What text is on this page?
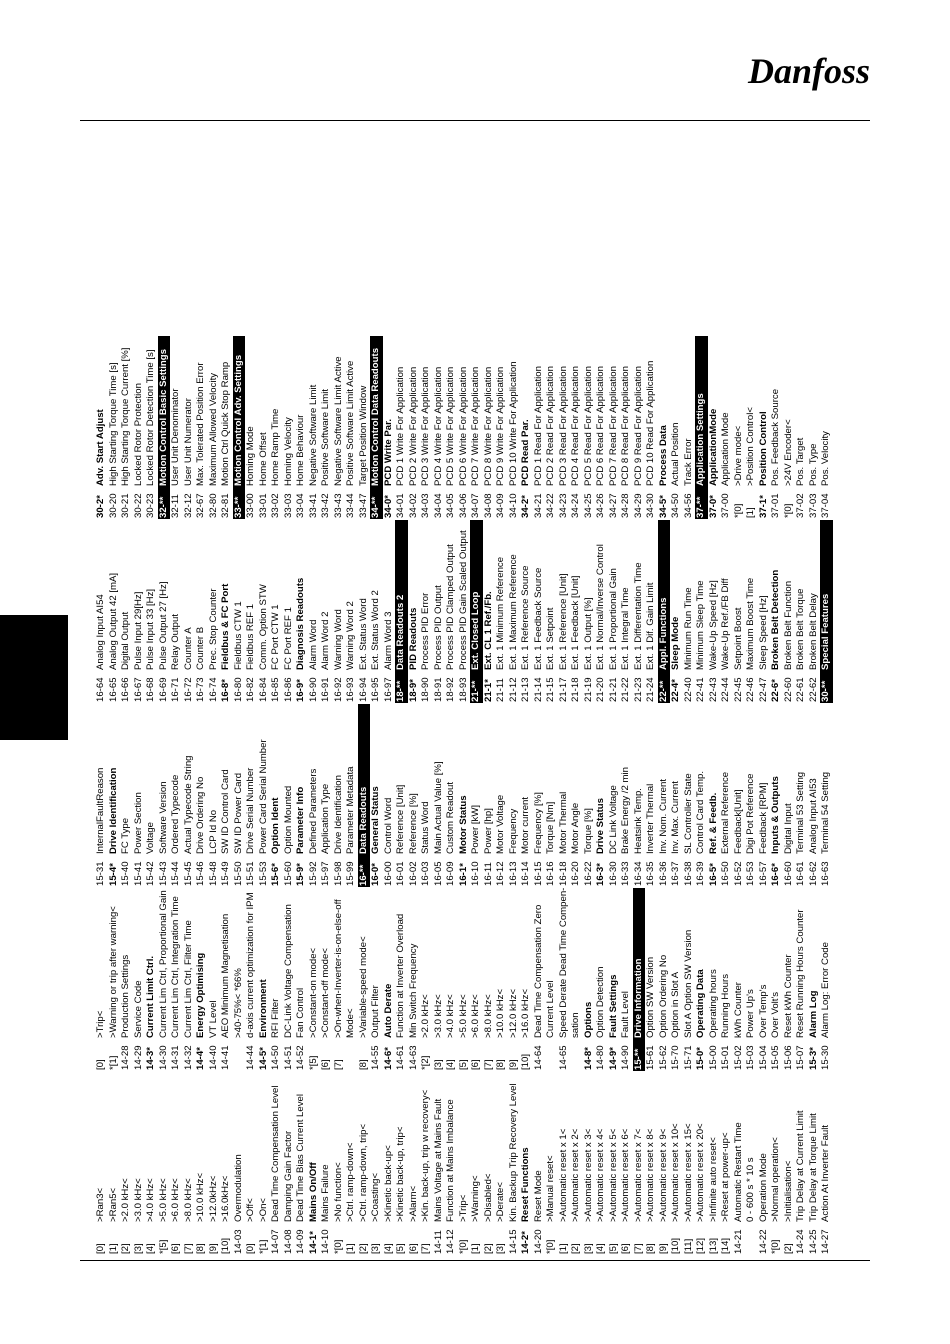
Danfoss
[0]
>Ran3<
[1]
>Ran5<
[2]
>2.0 kHz<
[3]
>3.0 kHz<
[4]
>4.0 kHz<
*[5]
>5.0 kHz<
[6]
>6.0 kHz<
[7]
>8.0 kHz<
[8]
>10.0 kHz<
[9]
>12.0kHz<
[10]
>16.0kHz<
14-03
Overmodulation
[0]
>Off<
*[1]
>On<
14-07
Dead Time Compensation Level
14-08
Damping Gain Factor
14-09
Dead Time Bias Current Level
14-1*
Mains On/Off
14-10
Mains Failure
*[0]
>No function<
[1]
>Ctrl. ramp-down<
[2]
>Ctrl. ramp-down, trip<
[3]
>Coasting<
[4]
>Kinetic back-up<
[5]
>Kinetic back-up, trip<
[6]
>Alarm<
[7]
>Kin. back-up, trip w recovery<
14-11
Mains Voltage at Mains Fault
14-12
Function at Mains Imbalance
*[0]
>Trip<
[1]
>Warning<
[2]
>Disabled<
[3]
>Derate<
14-15
Kin. Backup Trip Recovery Level
14-2*
Reset Functions
14-20
Reset Mode
*[0]
>Manual reset<
[1]
>Automatic reset x 1<
[2]
>Automatic reset x 2<
[3]
>Automatic reset x 3<
[4]
>Automatic reset x 4<
[5]
>Automatic reset x 5<
[6]
>Automatic reset x 6<
[7]
>Automatic reset x 7<
[8]
>Automatic reset x 8<
[9]
>Automatic reset x 9<
[10]
>Automatic reset x 10<
[11]
>Automatic reset x 15<
[12]
>Automatic reset x 20<
[13]
>Infinite auto reset<
[14]
>Reset at power-up<
14-21
Automatic Restart Time 0 - 600 s * 10 s
14-22
Operation Mode
*[0]
>Normal operation<
[2]
>Initialisation<
14-24
Trip Delay at Current Limit
14-25
Trip Delay at Torque Limit
14-27
Action At Inverter Fault
[0]
>Trip<
*[1]
>Warning or trip after warning<
14-28
Production Settings
14-29
Service Code
14-3*
Current Limit Ctrl.
14-30
Current Lim Ctrl, Proportional Gain
14-31
Current Lim Ctrl, Integration Time
14-32
Current Lim Ctrl, Filter Time
14-4*
Energy Optimising
14-40
VT Level
14-41
AEO Minimum Magnetisation >40-75%< *66%
14-44
d-axis current optimization for IPM
14-5*
Environment
14-50
RFI Filter
14-51
DC-Link Voltage Compensation
14-52
Fan Control
*[5]
>Constant-on mode<
[6]
>Constant-off mode<
[7]
>On-when-Inverter-is-on-else-off Mode<
[8]
>Variable-speed mode<
14-55
Output Filter
14-6*
Auto Derate
14-61
Function at Inverter Overload
14-63
Min Switch Frequency
*[2]
>2.0 kHz<
[3]
>3.0 kHz<
[4]
>4.0 kHz<
[5]
>5.0 kHz<
[6]
>6.0 kHz<
[7]
>8.0 kHz<
[8]
>10.0 kHz<
[9]
>12.0 kHz<
[10]
>16.0 kHz<
14-64
Dead Time Compensation Zero Current Level
14-65
Speed Derate Dead Time Compen- sation
14-8*
Options
14-80
Option Detection
14-9*
Fault Settings
14-90
Fault Level
15-**
Drive Information
15-61
Option SW Version
15-62
Option Ordering No
15-70
Option in Slot A
15-71
Slot A Option SW Version
15-0*
Operating Data
15-00
Operating hours
15-01
Running Hours
15-02
kWh Counter
15-03
Power Up's
15-04
Over Temp's
15-05
Over Volt's
15-06
Reset kWh Counter
15-07
Reset Running Hours Counter
15-3*
Alarm Log
15-30
Alarm Log: Error Code
15-31
InternalFaultReason
15-4*
Drive Identification
15-40
FC Type
15-41
Power Section
15-42
Voltage
15-43
Software Version
15-44
Ordered Typecode
15-45
Actual Typecode String
15-46
Drive Ordering No
15-48
LCP Id No
15-49
SW ID Control Card
15-50
SW ID Power Card
15-51
Drive Serial Number
15-53
Power Card Serial Number
15-6*
Option Ident
15-60
Option Mounted
15-9*
Parameter Info
15-92
Defined Parameters
15-97
Application Type
15-98
Drive Identification
15-99
Parameter Metadata
16-**
Data Readouts
16-0*
General Status
16-00
Control Word
16-01
Reference [Unit]
16-02
Reference [%]
16-03
Status Word
16-05
Main Actual Value [%]
16-09
Custom Readout
16-1*
Motor Status
16-10
Power [kW]
16-11
Power [hp]
16-12
Motor Voltage
16-13
Frequency
16-14
Motor current
16-15
Frequency [%]
16-16
Torque [Nm]
16-18
Motor Thermal
16-20
Motor Angle
16-22
Torque [%]
16-3*
Drive Status
16-30
DC Link Voltage
16-33
Brake Energy /2 min
16-34
Heatsink Temp.
16-35
Inverter Thermal
16-36
Inv. Nom. Current
16-37
Inv. Max. Current
16-38
SL Controller State
16-39
Control Card Temp.
16-5*
Ref. & Feedb.
16-50
External Reference
16-52
Feedback[Unit]
16-53
Digi Pot Reference
16-57
Feedback [RPM]
16-6*
Inputs & Outputs
16-60
Digital Input
16-61
Terminal 53 Setting
16-62
Analog Input AI53
16-63
Terminal 54 Setting
16-64
Analog Input AI54
16-65
Analog Output 42 [mA]
16-66
Digital Output
16-67
Pulse Input 29[Hz]
16-68
Pulse Input 33 [Hz]
16-69
Pulse Output 27 [Hz]
16-71
Relay Output
16-72
Counter A
16-73
Counter B
16-74
Prec. Stop Counter
16-8*
Fieldbus & FC Port
16-80
Fieldbus CTW 1
16-82
Fieldbus REF 1
16-84
Comm. Option STW
16-85
FC Port CTW 1
16-86
FC Port REF 1
16-9*
Diagnosis Readouts
16-90
Alarm Word
16-91
Alarm Word 2
16-92
Warning Word
16-93
Warning Word 2
16-94
Ext. Status Word
16-95
Ext. Status Word 2
16-97
Alarm Word 3
18-**
Data Readouts 2
18-9*
PID Readouts
18-90
Process PID Error
18-91
Process PID Output
18-92
Process PID Clamped Output
18-93
Process PID Gain Scaled Output
21-**
Ext. Closed Loop
21-1*
Ext. CL 1 Ref./Fb.
21-11
Ext. 1 Minimum Reference
21-12
Ext. 1 Maximum Reference
21-13
Ext. 1 Reference Source
21-14
Ext. 1 Feedback Source
21-15
Ext. 1 Setpoint
21-17
Ext. 1 Reference [Unit]
21-18
Ext. 1 Feedback [Unit]
21-19
Ext. 1 Output [%]
21-20
Ext. 1 Normal/Inverse Control
21-21
Ext. 1 Proportional Gain
21-22
Ext. 1 Integral Time
21-23
Ext. 1 Differentation Time
21-24
Ext. 1 Dif. Gain Limit
22-**
Appl. Functions
22-4*
Sleep Mode
22-40
Minimum Run Time
22-41
Minimum Sleep Time
22-43
Wake-Up Speed [Hz]
22-44
Wake-Up Ref./FB Diff
22-45
Setpoint Boost
22-46
Maximum Boost Time
22-47
Sleep Speed [Hz]
22-6*
Broken Belt Detection
22-60
Broken Belt Function
22-61
Broken Belt Torque
22-62
Broken Belt Delay
30-**
Special Features
30-2*
Adv. Start Adjust
30-20
High Starting Torque Time [s]
30-21
High Starting Torque Current [%]
30-22
Locked Rotor Protection
30-23
Locked Rotor Detection Time [s]
32-**
Motion Control Basic Settings
32-11
User Unit Denominator
32-12
User Unit Numerator
32-67
Max. Tolerated Position Error
32-80
Maximum Allowed Velocity
32-81
Motion Ctrl Quick Stop Ramp
33-**
Motion Control Adv. Settings
33-00
Homing Mode
33-01
Home Offset
33-02
Home Ramp Time
33-03
Homing Velocity
33-04
Home Behaviour
33-41
Negative Software Limit
33-42
Positive Software Limit
33-43
Negative Software Limit Active
33-44
Positive Software Limit Active
33-47
Target Position Window
34-**
Motion Control Data Readouts
34-0*
PCD Write Par.
34-01
PCD 1 Write For Application
34-02
PCD 2 Write For Application
34-03
PCD 3 Write For Application
34-04
PCD 4 Write For Application
34-05
PCD 5 Write For Application
34-06
PCD 6 Write For Application
34-07
PCD 7 Write For Application
34-08
PCD 8 Write For Application
34-09
PCD 9 Write For Application
34-10
PCD 10 Write For Application
34-2*
PCD Read Par.
34-21
PCD 1 Read For Application
34-22
PCD 2 Read For Application
34-23
PCD 3 Read For Application
34-24
PCD 4 Read For Application
34-25
PCD 5 Read For Application
34-26
PCD 6 Read For Application
34-27
PCD 7 Read For Application
34-28
PCD 8 Read For Application
34-29
PCD 9 Read For Application
34-30
PCD 10 Read For Application
34-5*
Process Data
34-50
Actual Position
34-56
Track Error
37-**
Application Settings
37-0*
ApplicationMode
37-00
Application Mode
*[0]
>Drive mode<
[1]
>Position Control<
37-1*
Position Control
37-01
Pos. Feedback Source
*[0]
>24V Encoder<
37-02
Pos. Target
37-03
Pos. Type
37-04
Pos. Velocity
